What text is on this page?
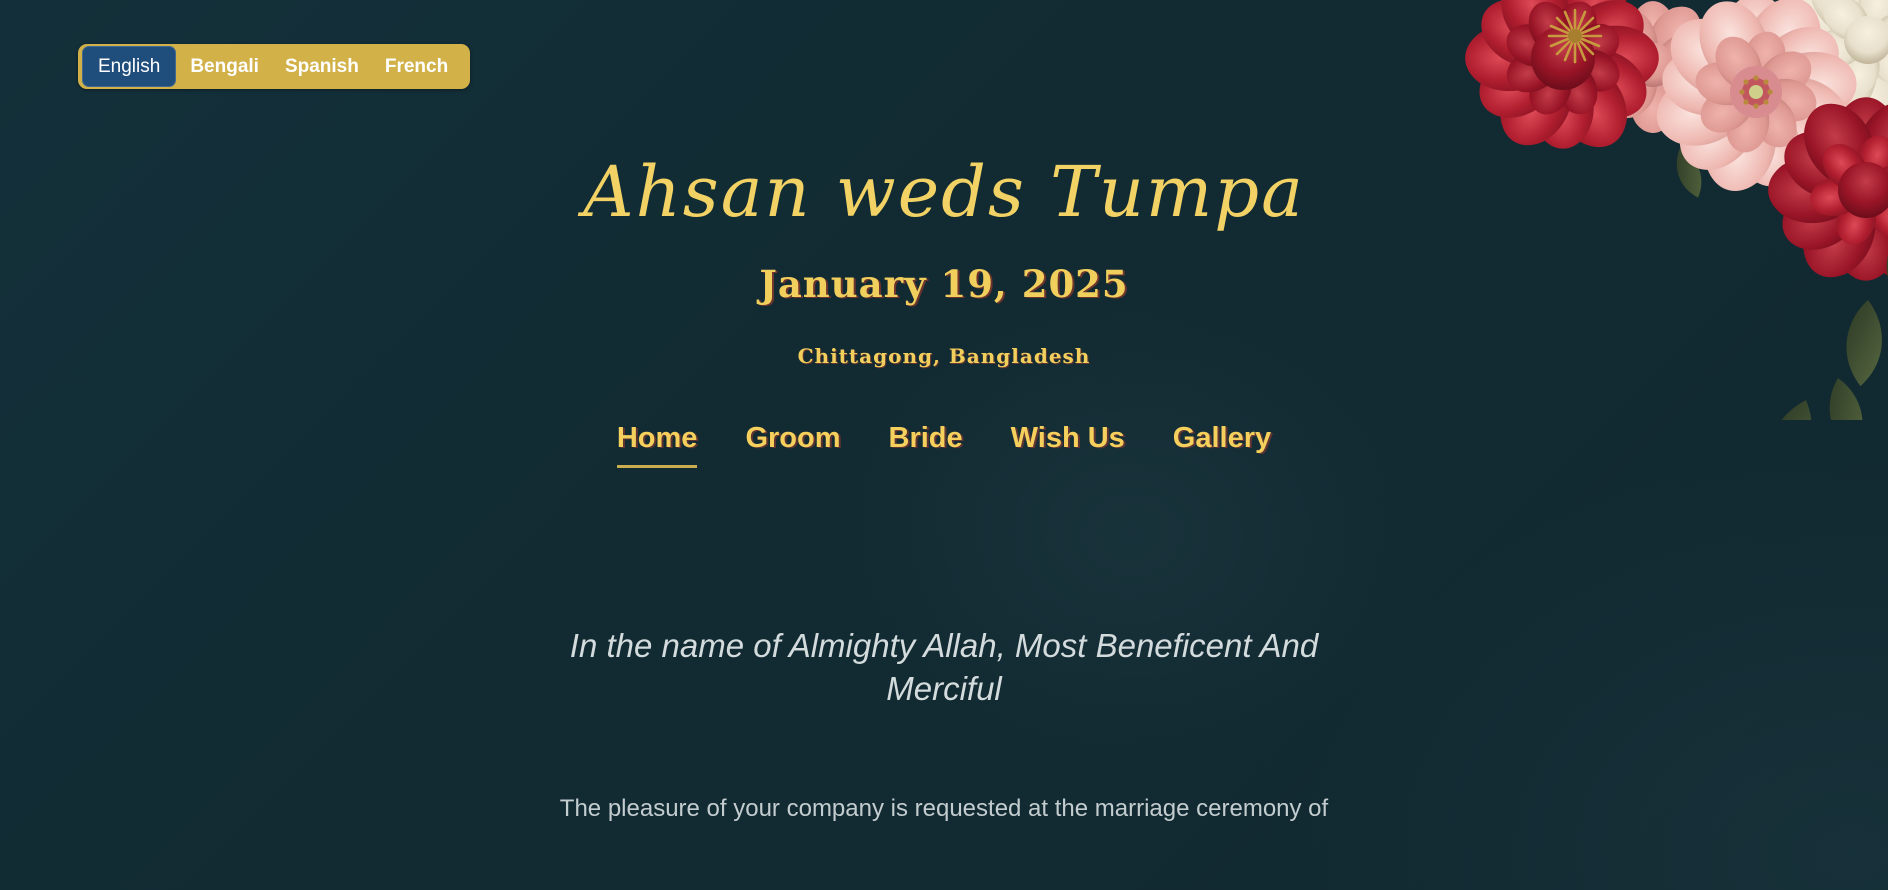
English	Bengali	Spanish	French
Ahsan weds Tumpa
January 19, 2025
Chittagong, Bangladesh
Home Groom Bride Wish Us Gallery
In the name of Almighty Allah, Most Beneficent And
Merciful
The pleasure of your company is requested at the marriage ceremony of
